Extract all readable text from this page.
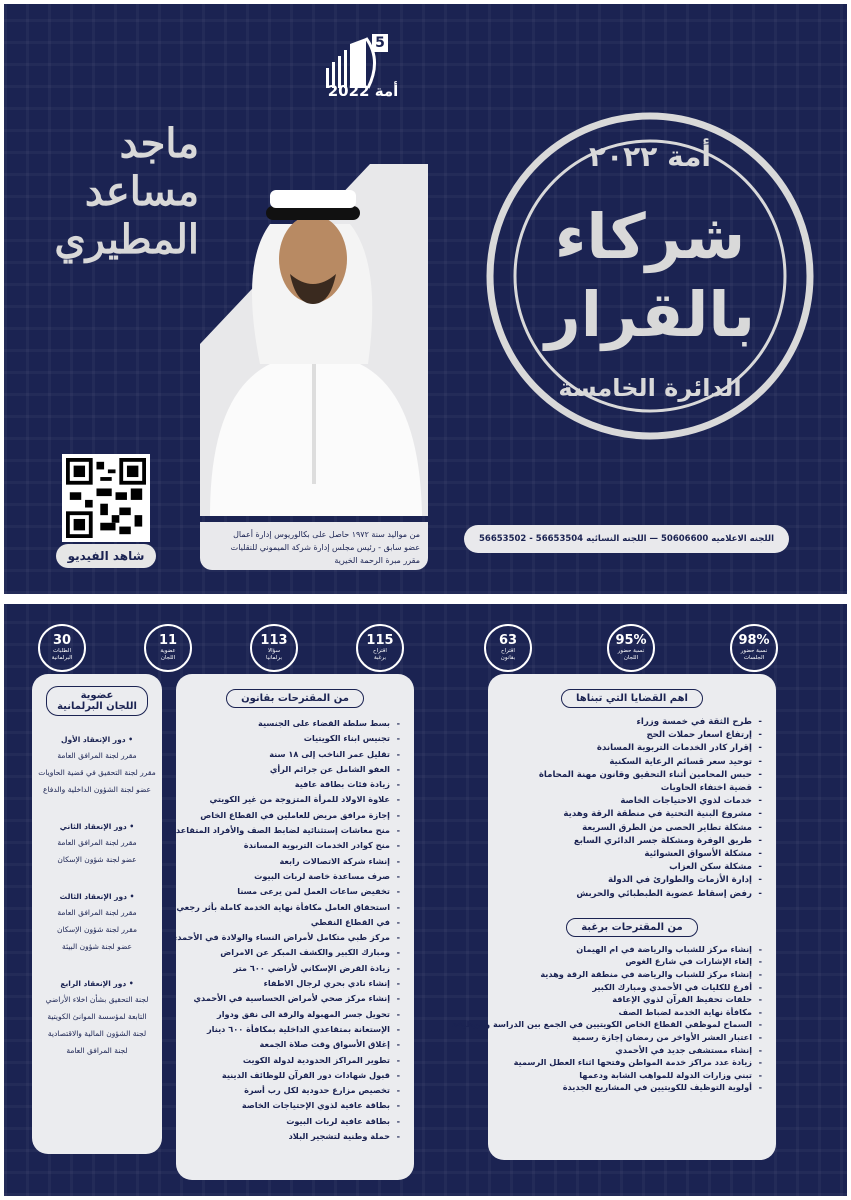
5
أمة 2022
ماجد
مساعد
المطيري
شاهد الفيديو
من مواليد سنة ١٩٧٢ حاصل على بكالوريوس إدارة أعمال
عضو سابق - رئيس مجلس إدارة شركة الميموني للنقليات
مقرر مبرة الرحمة الخيرية
أمة ٢٠٢٢
شركاء
بالقرار
الدائرة الخامسة
اللجنه الاعلاميه 50606600 — اللجنه النسائيه 56653504 - 56653502
98%
نسبة حضور
الجلسات
95%
نسبة حضور
اللجان
63
اقتراح
بقانون
115
اقتراح
برغبة
113
سؤالا
برلمانيا
11
عضوية
اللجان
30
الطلبات
البرلمانية
اهم القضايا التي تبناها
- طرح الثقة في خمسة وزراء
- إرتفاع اسعار حملات الحج
- إقرار كادر الخدمات التربوية المساندة
- توحيد سعر قسائم الرعاية السكنية
- حبس المحامين أثناء التحقيق وقانون مهنة المحاماة
- قضية اختفاء الحاويات
- خدمات لذوي الاحتياجات الخاصة
- مشروع البنية التحتية في منطقة الرقة وهدية
- مشكلة تطاير الحصى من الطرق السريعة
- طريق الوفرة ومشكلة جسر الدائري السابع
- مشكلة الأسواق العشوائية
- مشكلة سكن العزاب
- إدارة الأزمات والطوارئ في الدولة
- رفض إسقاط عضوية الطبطبائي والحربش
من المقترحات برغبة
- إنشاء مركز للشباب والرياضة في ام الهيمان
- إلغاء الإشارات في شارع الغوص
- إنشاء مركز للشباب والرياضة في منطقة الرقة وهدية
- أفرع للكليات في الأحمدي ومبارك الكبير
- حلقات تحفيظ القرآن لذوي الإعاقة
- مكافأة نهاية الخدمة لضباط الصف
- السماح لموظفي القطاع الخاص الكويتيين في الجمع بين الدراسة والوظيفة
- اعتبار العشر الأواخر من رمضان إجازة رسمية
- إنشاء مستشفى جديد في الأحمدي
- زيادة عدد مراكز خدمة المواطن وفتحها اثناء العطل الرسمية
- تبني وزارات الدولة للمواهب الشابة ودعمها
- أولوية التوظيف للكويتيين في المشاريع الجديدة
من المقترحات بقانون
- بسط سلطة القضاء على الجنسية
- تجنيس ابناء الكويتيات
- تقليل عمر الناخب إلى ١٨ سنة
- العفو الشامل عن جرائم الرأي
- زيادة فئات بطاقة عافية
- علاوة الاولاد للمرأة المتزوجة من غير الكويتي
- إجازة مرافق مريض للعاملين في القطاع الخاص
- منح معاشات إستثنائية لضابط الصف والأفراد المتقاعدين
- منح كوادر الخدمات التربوية المساندة
- إنشاء شركة الاتصالات رابعة
- صرف مساعدة خاصة لربات البيوت
- تخفيض ساعات العمل لمن يرعى مسنا
- استحقاق العامل مكافأة نهاية الخدمة كاملة بأثر رجعي
- في القطاع النفطي
- مركز طبي متكامل لأمراض النساء والولادة في الأحمدي
- ومبارك الكبير والكشف المبكر عن الامراض
- زيادة القرض الإسكاني لأراضي ٦٠٠ متر
- إنشاء نادي بحري لرجال الاطفاء
- إنشاء مركز صحي لأمراض الحساسية في الأحمدي
- تحويل جسر المهبولة والرقة الى نفق ودوار
- الإستعانة بمتقاعدي الداخلية بمكافأة ٦٠٠ دينار
- إغلاق الأسواق وقت صلاة الجمعة
- تطوير المراكز الحدودية لدولة الكويت
- قبول شهادات دور القرآن للوظائف الدينية
- تخصيص مزارع حدودية لكل رب أسرة
- بطاقة عافية لذوي الإحتياجات الخاصة
- بطاقة عافية لربات البيوت
- حملة وطنية لتشجير البلاد
عضوية
اللجان البرلمانية
• دور الإنعقاد الأول
مقرر لجنة المرافق العامة
مقرر لجنة التحقيق في قضية الحاويات
عضو لجنة الشؤون الداخلية والدفاع
• دور الإنعقاد الثاني
مقرر لجنة المرافق العامة
عضو لجنة شؤون الإسكان
• دور الإنعقاد الثالث
مقرر لجنة المرافق العامة
مقرر لجنة شؤون الإسكان
عضو لجنة شؤون البيئة
• دور الإنعقاد الرابع
لجنة التحقيق بشأن اخلاء الأراضي
التابعة لمؤسسة الموانئ الكويتية
لجنة الشؤون المالية والاقتصادية
لجنة المرافق العامة
